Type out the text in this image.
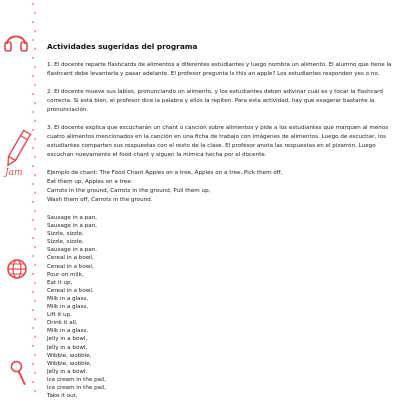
Jam
Actividades sugeridas del programa
1. El docente reparte flashcards de alimentos a diferentes estudiantes y luego nombra un alimento. El alumno que tiene la flashcard debe levantarla y pasar adelante. El profesor pregunta Is this an apple? Los estudiantes responden yes o no.
2. El docente mueve sus labios, pronunciando un alimento, y los estudiantes deben adivinar cuál es y tocar la flashcard correcta. Si está bien, el profesor dice la palabra y ellos la repiten. Para esta actividad, hay que exagerar bastante la pronunciación.
3. El docente explica que escucharán un chant o canción sobre alimentos y pide a los estudiantes que marquen al menos cuatro alimentos mencionados en la canción en una ficha de trabajo con imágenes de alimentos. Luego de escuchar, los estudiantes comparten sus respuestas con el resto de la clase. El profesor anota las respuestas en el pizarrón. Luego escuchan nuevamente el food chant y siguen la mímica hecha por el docente.
Ejemplo de chant: The Food Chant Apples on a tree, Apples on a tree, Pick them off,
Eat them up, Apples on a tree.
Carrots in the ground, Carrots in the ground, Pull them up,
Wash them off, Carrots in the ground.
Sausage in a pan,
Sausage in a pan,
Sizzle, sizzle,
Sizzle, sizzle,
Sausage in a pan.
Cereal in a bowl,
Cereal in a bowl,
Pour on milk,
Eat it up,
Cereal in a bowl.
Milk in a glass,
Milk in a glass,
Lift it up,
Drink it all,
Milk in a glass.
Jelly in a bowl,
Jelly in a bowl,
Wibble, wobble,
Wibble, wobble,
Jelly in a bowl.
Ice cream in the pail,
Ice cream in the pail,
Take it out,
